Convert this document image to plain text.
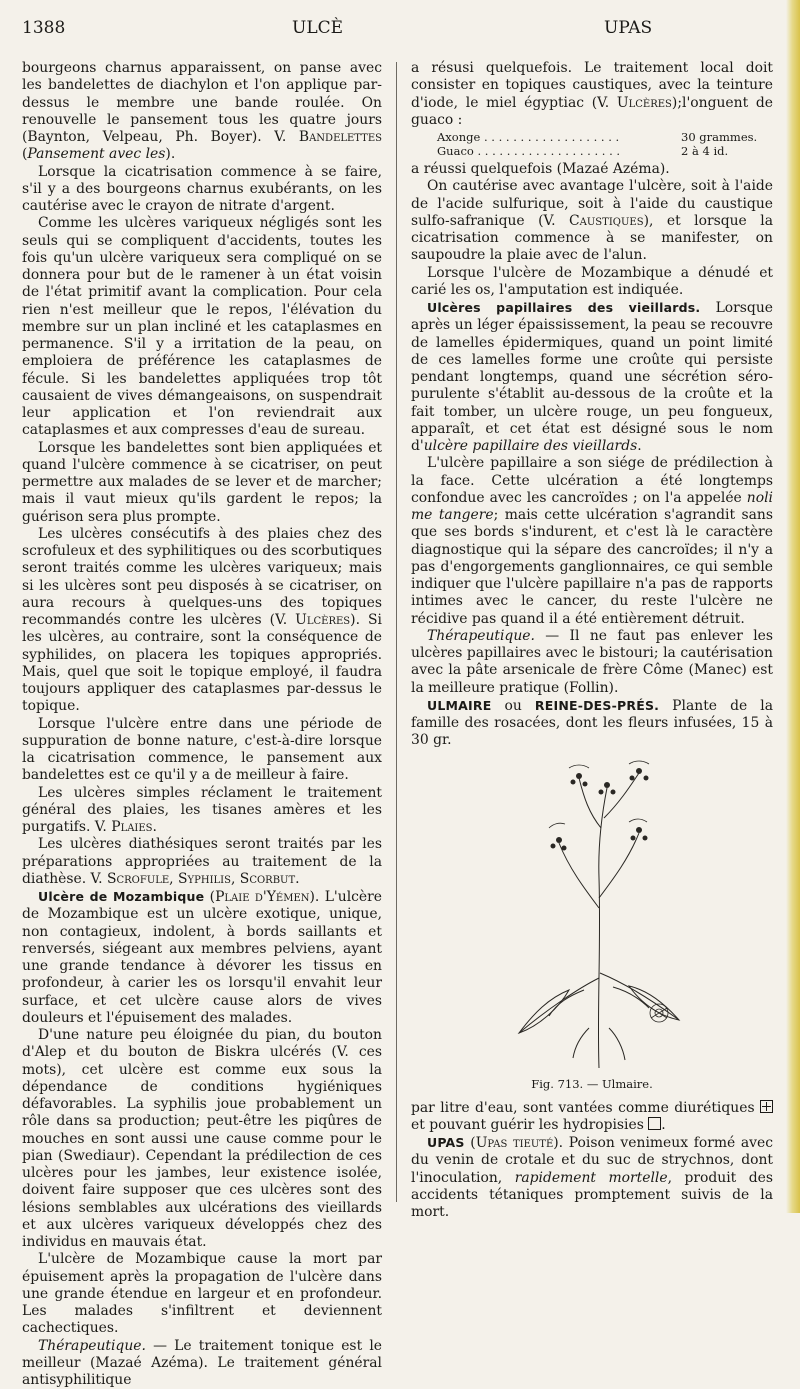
1388	ULCÈ	UPAS

bourgeons charnus apparaissent, on panse avec les bandelettes de diachylon et l'on applique par-dessus le membre une bande roulée. On renouvelle le pansement tous les quatre jours (Baynton, Velpeau, Ph. Boyer). V. Bandelettes (Pansement avec les).

Lorsque la cicatrisation commence à se faire, s'il y a des bourgeons charnus exubérants, on les cautérise avec le crayon de nitrate d'argent.

Comme les ulcères variqueux négligés sont les seuls qui se compliquent d'accidents, toutes les fois qu'un ulcère variqueux sera compliqué on se donnera pour but de le ramener à un état voisin de l'état primitif avant la complication. Pour cela rien n'est meilleur que le repos, l'élévation du membre sur un plan incliné et les cataplasmes en permanence. S'il y a irritation de la peau, on emploiera de préférence les cataplasmes de fécule. Si les bandelettes appliquées trop tôt causaient de vives démangeaisons, on suspendrait leur application et l'on reviendrait aux cataplasmes et aux compresses d'eau de sureau.

Lorsque les bandelettes sont bien appliquées et quand l'ulcère commence à se cicatriser, on peut permettre aux malades de se lever et de marcher; mais il vaut mieux qu'ils gardent le repos; la guérison sera plus prompte.

Les ulcères consécutifs à des plaies chez des scrofuleux et des syphilitiques ou des scorbutiques seront traités comme les ulcères variqueux; mais si les ulcères sont peu disposés à se cicatriser, on aura recours à quelques-uns des topiques recommandés contre les ulcères (V. Ulcères). Si les ulcères, au contraire, sont la conséquence de syphilides, on placera les topiques appropriés. Mais, quel que soit le topique employé, il faudra toujours appliquer des cataplasmes par-dessus le topique.

Lorsque l'ulcère entre dans une période de suppuration de bonne nature, c'est-à-dire lorsque la cicatrisation commence, le pansement aux bandelettes est ce qu'il y a de meilleur à faire.

Les ulcères simples réclament le traitement général des plaies, les tisanes amères et les purgatifs. V. Plaies.

Les ulcères diathésiques seront traités par les préparations appropriées au traitement de la diathèse. V. Scrofule, Syphilis, Scorbut.

Ulcère de Mozambique (Plaie d'Yémen). L'ulcère de Mozambique est un ulcère exotique, unique, non contagieux, indolent, à bords saillants et renversés, siégeant aux membres pelviens, ayant une grande tendance à dévorer les tissus en profondeur, à carier les os lorsqu'il envahit leur surface, et cet ulcère cause alors de vives douleurs et l'épuisement des malades.

D'une nature peu éloignée du pian, du bouton d'Alep et du bouton de Biskra ulcérés (V. ces mots), cet ulcère est comme eux sous la dépendance de conditions hygiéniques défavorables. La syphilis joue probablement un rôle dans sa production; peut-être les piqûres de mouches en sont aussi une cause comme pour le pian (Swediaur). Cependant la prédilection de ces ulcères pour les jambes, leur existence isolée, doivent faire supposer que ces ulcères sont des lésions semblables aux ulcérations des vieillards et aux ulcères variqueux développés chez des individus en mauvais état.

L'ulcère de Mozambique cause la mort par épuisement après la propagation de l'ulcère dans une grande étendue en largeur et en profondeur. Les malades s'infiltrent et deviennent cachectiques.

Thérapeutique. — Le traitement tonique est le meilleur (Mazaé Azéma). Le traitement général antisyphilitique

a résusi quelquefois. Le traitement local doit consister en topiques caustiques, avec la teinture d'iode, le miel égyptiac (V. Ulcères);l'onguent de guaco :

Axonge . . . . . . . . . . . . . . . . . . .	30 grammes.
Guaco . . . . . . . . . . . . . . . . . . . .	2 à 4 id.

a réussi quelquefois (Mazaé Azéma).

On cautérise avec avantage l'ulcère, soit à l'aide de l'acide sulfurique, soit à l'aide du caustique sulfo-safranique (V. Caustiques), et lorsque la cicatrisation commence à se manifester, on saupoudre la plaie avec de l'alun.

Lorsque l'ulcère de Mozambique a dénudé et carié les os, l'amputation est indiquée.

Ulcères papillaires des vieillards. Lorsque après un léger épaississement, la peau se recouvre de lamelles épidermiques, quand un point limité de ces lamelles forme une croûte qui persiste pendant longtemps, quand une sécrétion séro-purulente s'établit au-dessous de la croûte et la fait tomber, un ulcère rouge, un peu fongueux, apparaît, et cet état est désigné sous le nom d'ulcère papillaire des vieillards.

L'ulcère papillaire a son siége de prédilection à la face. Cette ulcération a été longtemps confondue avec les cancroïdes ; on l'a appelée noli me tangere; mais cette ulcération s'agrandit sans que ses bords s'indurent, et c'est là le caractère diagnostique qui la sépare des cancroïdes; il n'y a pas d'engorgements ganglionnaires, ce qui semble indiquer que l'ulcère papillaire n'a pas de rapports intimes avec le cancer, du reste l'ulcère ne récidive pas quand il a été entièrement détruit.

Thérapeutique. — Il ne faut pas enlever les ulcères papillaires avec le bistouri; la cautérisation avec la pâte arsenicale de frère Côme (Manec) est la meilleure pratique (Follin).

ULMAIRE ou REINE-DES-PRÉS. Plante de la famille des rosacées, dont les fleurs infusées, 15 à 30 gr.

Fig. 713. — Ulmaire.

par litre d'eau, sont vantées comme diurétiques  et pouvant guérir les hydropisies .

UPAS (Upas tieuté). Poison venimeux formé avec du venin de crotale et du suc de strychnos, dont l'inoculation, rapidement mortelle, produit des accidents tétaniques promptement suivis de la mort.
